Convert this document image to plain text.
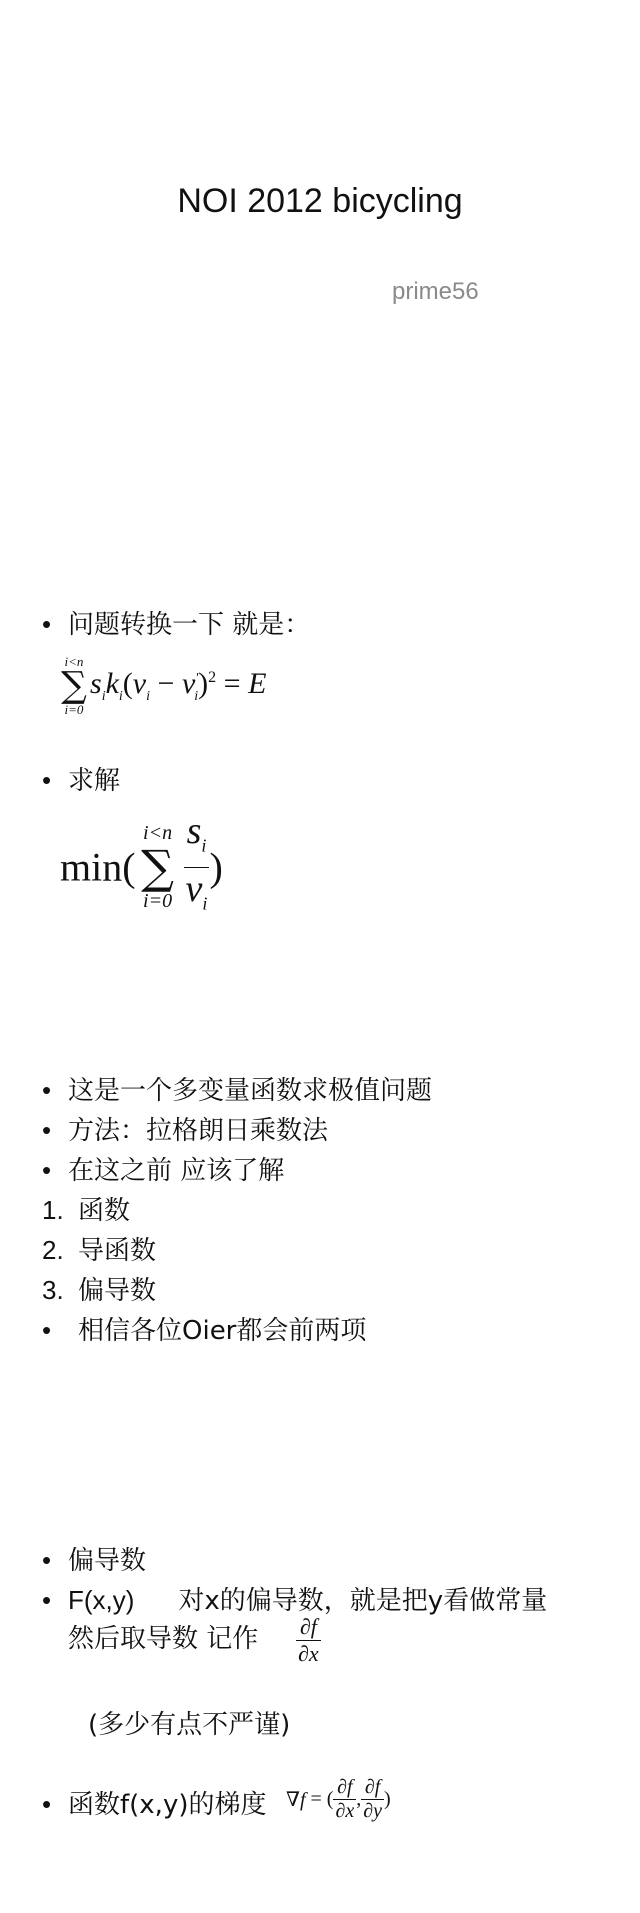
NOI 2012 bicycling
prime56
• 问题转换一下 就是：
i<n
∑
i=0
$s_ik_i(v_i - v'_i)^2 = E$
• 求解
min(
i<n
∑
$i=0 \frac{s_i}{v_i}$ )
• 这是一个多变量函数求极值问题
• 方法：拉格朗日乘数法
• 在这之前 应该了解
1. 函数
2. 导函数
3. 偏导数
• 相信各位Oier都会前两项
• 偏导数
• F(x,y) 对x的偏导数，就是把y看做常量
然后取导数 记作 $\frac{\partial f}{\partial x}$
(多少有点不严谨)
• 函数f(x,y)的梯度 ∇f = ( $\frac{\partial f}{\partial x}$ , $\frac{\partial f}{\partial y}$ )
